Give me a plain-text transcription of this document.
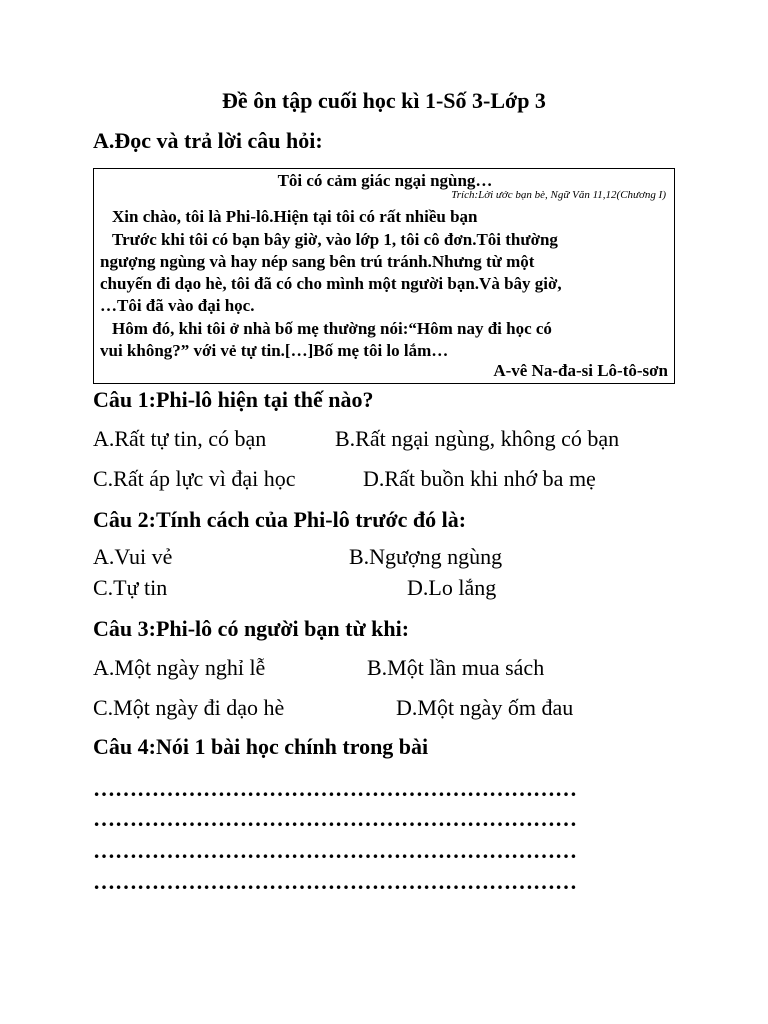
Đề ôn tập cuối học kì 1-Số 3-Lớp 3
A.Đọc và trả lời câu hỏi:
Tôi có cảm giác ngại ngùng…
Trích:Lời ước bạn bè, Ngữ Văn 11,12(Chương I)
Xin chào, tôi là Phi-lô.Hiện tại tôi có rất nhiều bạn
Trước khi tôi có bạn bây giờ, vào lớp 1, tôi cô đơn.Tôi thường
ngượng ngùng và hay nép sang bên trú tránh.Nhưng từ một
chuyến đi dạo hè, tôi đã có cho mình một người bạn.Và bây giờ,
…Tôi đã vào đại học.
Hôm đó, khi tôi ở nhà bố mẹ thường nói:“Hôm nay đi học có
vui không?” với vẻ tự tin.[…]Bố mẹ tôi lo lắm…
A-vê Na-đa-si Lô-tô-sơn
Câu 1:Phi-lô hiện tại thế nào?
A.Rất tự tin, có bạn	B.Rất ngại ngùng, không có bạn
C.Rất áp lực vì đại học	D.Rất buồn khi nhớ ba mẹ
Câu 2:Tính cách của Phi-lô trước đó là:
A.Vui vẻ	B.Ngượng ngùng
C.Tự tin	D.Lo lắng
Câu 3:Phi-lô có người bạn từ khi:
A.Một ngày nghỉ lễ	B.Một lần mua sách
C.Một ngày đi dạo hè	D.Một ngày ốm đau
Câu 4:Nói 1 bài học chính trong bài
…………………………………………………………
…………………………………………………………
…………………………………………………………
…………………………………………………………
